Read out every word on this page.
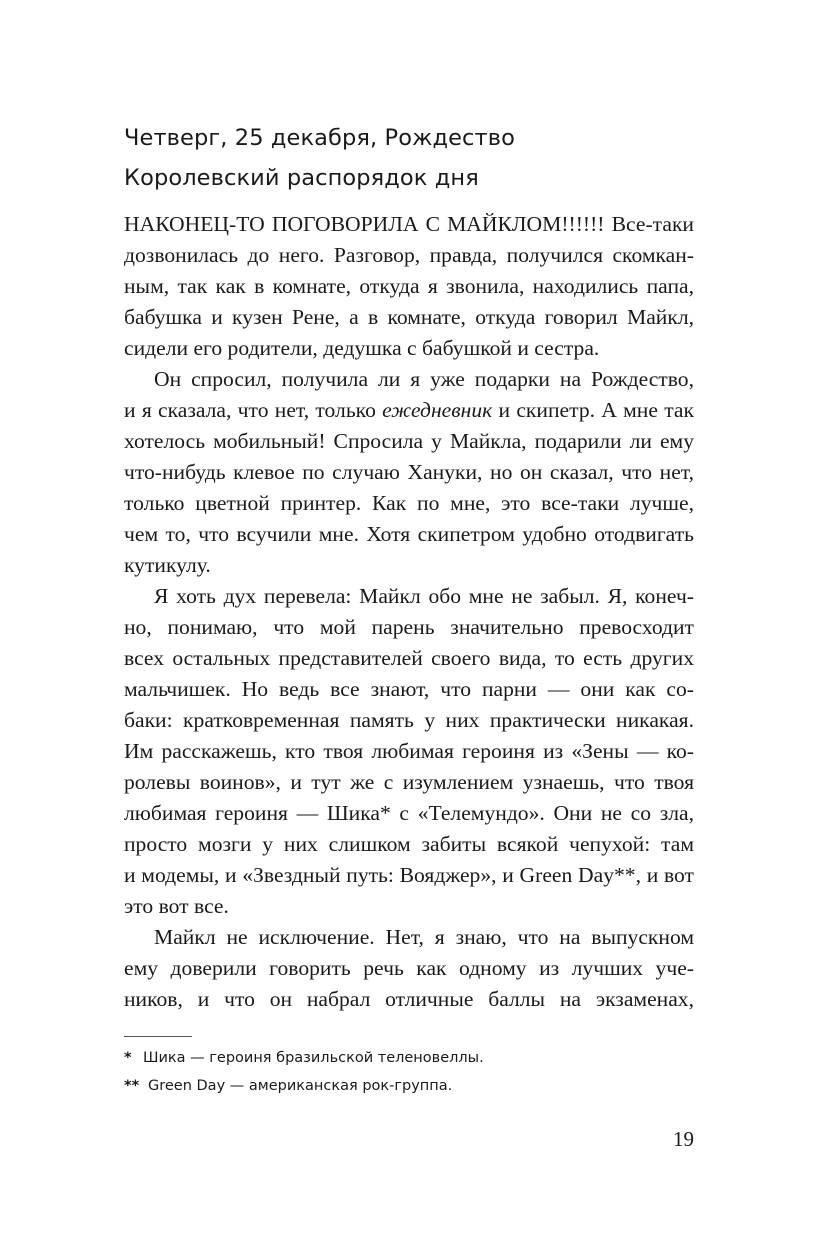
Четверг, 25 декабря, Рождество
Королевский распорядок дня

НАКОНЕЦ-ТО ПОГОВОРИЛА С МАЙКЛОМ!!!!!! Все-таки
дозвонилась до него. Разговор, правда, получился скомкан-
ным, так как в комнате, откуда я звонила, находились папа,
бабушка и кузен Рене, а в комнате, откуда говорил Майкл,
сидели его родители, дедушка с бабушкой и сестра.

Он спросил, получила ли я уже подарки на Рождество,
и я сказала, что нет, только ежедневник и скипетр. А мне так
хотелось мобильный! Спросила у Майкла, подарили ли ему
что-нибудь клевое по случаю Хануки, но он сказал, что нет,
только цветной принтер. Как по мне, это все-таки лучше,
чем то, что всучили мне. Хотя скипетром удобно отодвигать
кутикулу.

Я хоть дух перевела: Майкл обо мне не забыл. Я, конеч-
но, понимаю, что мой парень значительно превосходит
всех остальных представителей своего вида, то есть других
мальчишек. Но ведь все знают, что парни — они как со-
баки: кратковременная память у них практически никакая.
Им расскажешь, кто твоя любимая героиня из «Зены — ко-
ролевы воинов», и тут же с изумлением узнаешь, что твоя
любимая героиня — Шика* с «Телемундо». Они не со зла,
просто мозги у них слишком забиты всякой чепухой: там
и модемы, и «Звездный путь: Вояджер», и Green Day**, и вот
это вот все.

Майкл не исключение. Нет, я знаю, что на выпускном
ему доверили говорить речь как одному из лучших уче-
ников, и что он набрал отличные баллы на экзаменах,

* Шика — героиня бразильской теленовеллы.
** Green Day — американская рок-группа.
19
